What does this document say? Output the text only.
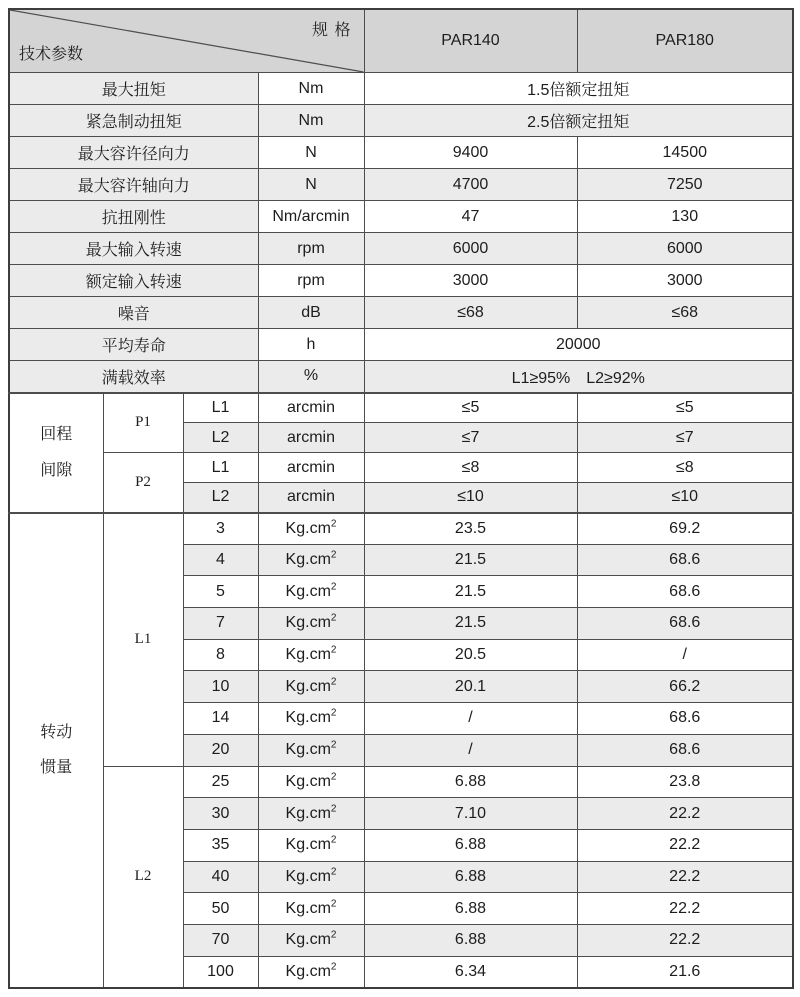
规 格
技术参数				PAR140	PAR180
最大扭矩			Nm	1.5倍额定扭矩	
紧急制动扭矩			Nm	2.5倍额定扭矩	
最大容许径向力			N	9400	14500
最大容许轴向力			N	4700	7250
抗扭刚性			Nm/arcmin	47	130
最大输入转速			rpm	6000	6000
额定输入转速			rpm	3000	3000
噪音			dB	≤68	≤68
平均寿命			h	20000	
满载效率			%	L1≥95%　L2≥92%	

回程
间隙	P1	L1	arcmin	≤5	≤5
		L2	arcmin	≤7	≤7
	P2	L1	arcmin	≤8	≤8
		L2	arcmin	≤10	≤10

转动
惯量	L1	3	$Kg.cm^2$	23.5	69.2
		4	$Kg.cm^2$	21.5	68.6
		5	$Kg.cm^2$	21.5	68.6
		7	$Kg.cm^2$	21.5	68.6
		8	$Kg.cm^2$	20.5	/
		10	$Kg.cm^2$	20.1	66.2
		14	$Kg.cm^2$	/	68.6
		20	$Kg.cm^2$	/	68.6
	L2	25	$Kg.cm^2$	6.88	23.8
		30	$Kg.cm^2$	7.10	22.2
		35	$Kg.cm^2$	6.88	22.2
		40	$Kg.cm^2$	6.88	22.2
		50	$Kg.cm^2$	6.88	22.2
		70	$Kg.cm^2$	6.88	22.2
		100	$Kg.cm^2$	6.34	21.6
